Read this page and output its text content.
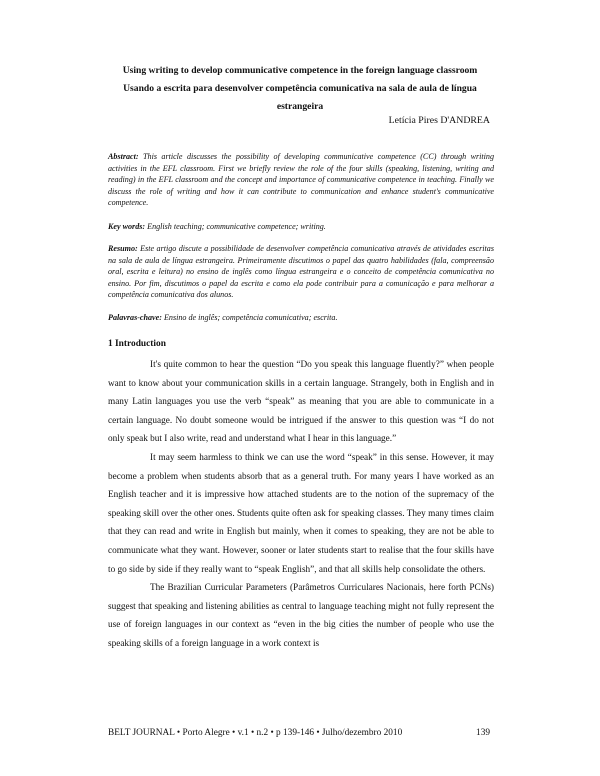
Using writing to develop communicative competence in the foreign language classroom
Usando a escrita para desenvolver competência comunicativa na sala de aula de língua
estrangeira
Letícia Pires D'ANDREA
Abstract: This article discusses the possibility of developing communicative competence (CC) through writing activities in the EFL classroom. First we briefly review the role of the four skills (speaking, listening, writing and reading) in the EFL classroom and the concept and importance of communicative competence in teaching. Finally we discuss the role of writing and how it can contribute to communication and enhance student's communicative competence.
Key words: English teaching; communicative competence; writing.
Resumo: Este artigo discute a possibilidade de desenvolver competência comunicativa através de atividades escritas na sala de aula de língua estrangeira. Primeiramente discutimos o papel das quatro habilidades (fala, compreensão oral, escrita e leitura) no ensino de inglês como língua estrangeira e o conceito de competência comunicativa no ensino. Por fim, discutimos o papel da escrita e como ela pode contribuir para a comunicação e para melhorar a competência comunicativa dos alunos.
Palavras-chave: Ensino de inglês; competência comunicativa; escrita.
1 Introduction

It's quite common to hear the question “Do you speak this language fluently?” when people want to know about your communication skills in a certain language. Strangely, both in English and in many Latin languages you use the verb “speak” as meaning that you are able to communicate in a certain language. No doubt someone would be intrigued if the answer to this question was “I do not only speak but I also write, read and understand what I hear in this language.”

It may seem harmless to think we can use the word “speak” in this sense. However, it may become a problem when students absorb that as a general truth. For many years I have worked as an English teacher and it is impressive how attached students are to the notion of the supremacy of the speaking skill over the other ones. Students quite often ask for speaking classes. They many times claim that they can read and write in English but mainly, when it comes to speaking, they are not be able to communicate what they want. However, sooner or later students start to realise that the four skills have to go side by side if they really want to “speak English”, and that all skills help consolidate the others.

The Brazilian Curricular Parameters (Parâmetros Curriculares Nacionais, here forth PCNs) suggest that speaking and listening abilities as central to language teaching might not fully represent the use of foreign languages in our context as “even in the big cities the number of people who use the speaking skills of a foreign language in a work context is

BELT JOURNAL • Porto Alegre • v.1 • n.2 • p 139-146 • Julho/dezembro 2010	139
